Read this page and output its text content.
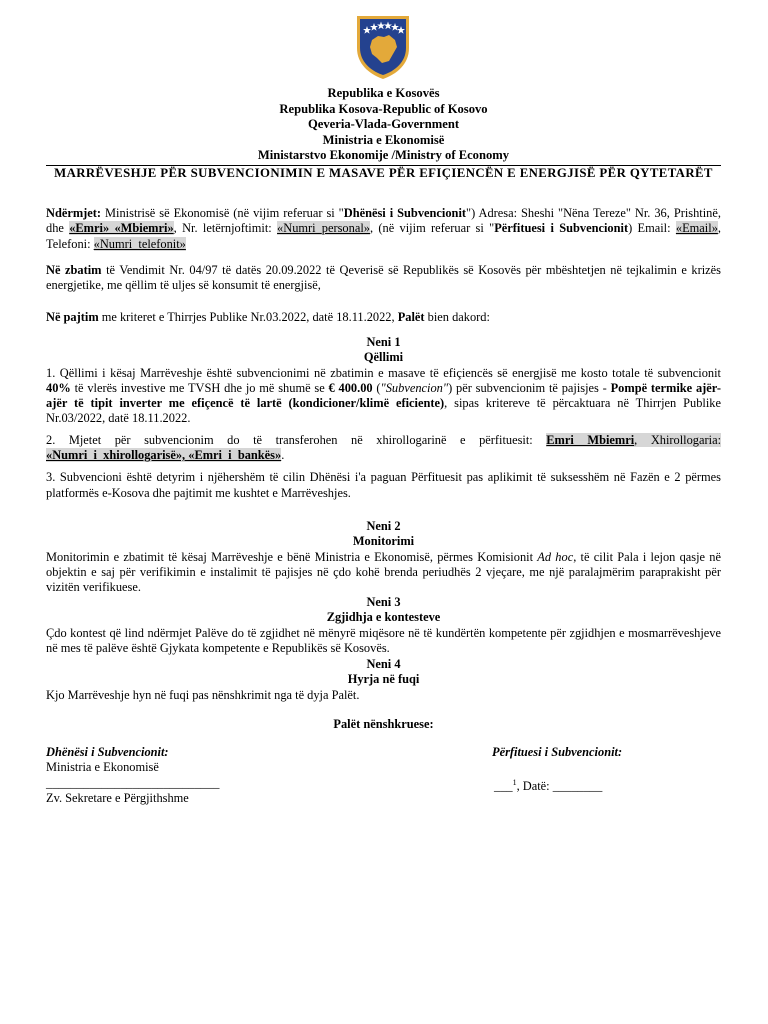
Republika e Kosovës
Republika Kosova-Republic of Kosovo
Qeveria-Vlada-Government
Ministria e Ekonomisë
Ministarstvo Ekonomije /Ministry of Economy
MARRËVESHJE PËR SUBVENCIONIMIN E MASAVE PËR EFIÇIENCËN E ENERGJISË PËR QYTETARËT

Ndërmjet: Ministrisë së Ekonomisë (në vijim referuar si "Dhënësi i Subvencionit") Adresa: Sheshi "Nëna Tereze" Nr. 36, Prishtinë, dhe «Emri» «Mbiemri», Nr. letërnjoftimit: «Numri_personal», (në vijim referuar si "Përfituesi i Subvencionit) Email: «Email», Telefoni: «Numri_telefonit»

Në zbatim të Vendimit Nr. 04/97 të datës 20.09.2022 të Qeverisë së Republikës së Kosovës për mbështetjen në tejkalimin e krizës energjetike, me qëllim të uljes së konsumit të energjisë,

Në pajtim me kriteret e Thirrjes Publike Nr.03.2022, datë 18.11.2022, Palët bien dakord:

Neni 1
Qëllimi

1. Qëllimi i kësaj Marrëveshje është subvencionimi në zbatimin e masave të efiçiencës së energjisë me kosto totale të subvencionit 40% të vlerës investive me TVSH dhe jo më shumë se € 400.00 ("Subvencion") për subvencionim të pajisjes - Pompë termike ajër-ajër të tipit inverter me efiçencë të lartë (kondicioner/klimë eficiente), sipas kritereve të përcaktuara në Thirrjen Publike Nr.03/2022, datë 18.11.2022.

2. Mjetet për subvencionim do të transferohen në xhirollogarinë e përfituesit: Emri Mbiemri, Xhirollogaria: «Numri_i_xhirollogarisë», «Emri_i_bankës».

3. Subvencioni është detyrim i njëhershëm të cilin Dhënësi i'a paguan Përfituesit pas aplikimit të suksesshëm në Fazën e 2 përmes platformës e-Kosova dhe pajtimit me kushtet e Marrëveshjes.

Neni 2
Monitorimi

Monitorimin e zbatimit të kësaj Marrëveshje e bënë Ministria e Ekonomisë, përmes Komisionit Ad hoc, të cilit Pala i lejon qasje në objektin e saj për verifikimin e instalimit të pajisjes në çdo kohë brenda periudhës 2 vjeçare, me një paralajmërim paraprakisht për vizitën verifikuese.

Neni 3
Zgjidhja e kontesteve

Çdo kontest që lind ndërmjet Palëve do të zgjidhet në mënyrë miqësore në të kundërtën kompetente për zgjidhjen e mosmarrëveshjeve në mes të palëve është Gjykata kompetente e Republikës së Kosovës.

Neni 4
Hyrja në fuqi

Kjo Marrëveshje hyn në fuqi pas nënshkrimit nga të dyja Palët.

Palët nënshkruese:
Dhënësi i Subvencionit:
Ministria e Ekonomisë
____________________________
Zv. Sekretare e Përgjithshme
Përfituesi i Subvencionit:
___$^1$, Datë: ________
